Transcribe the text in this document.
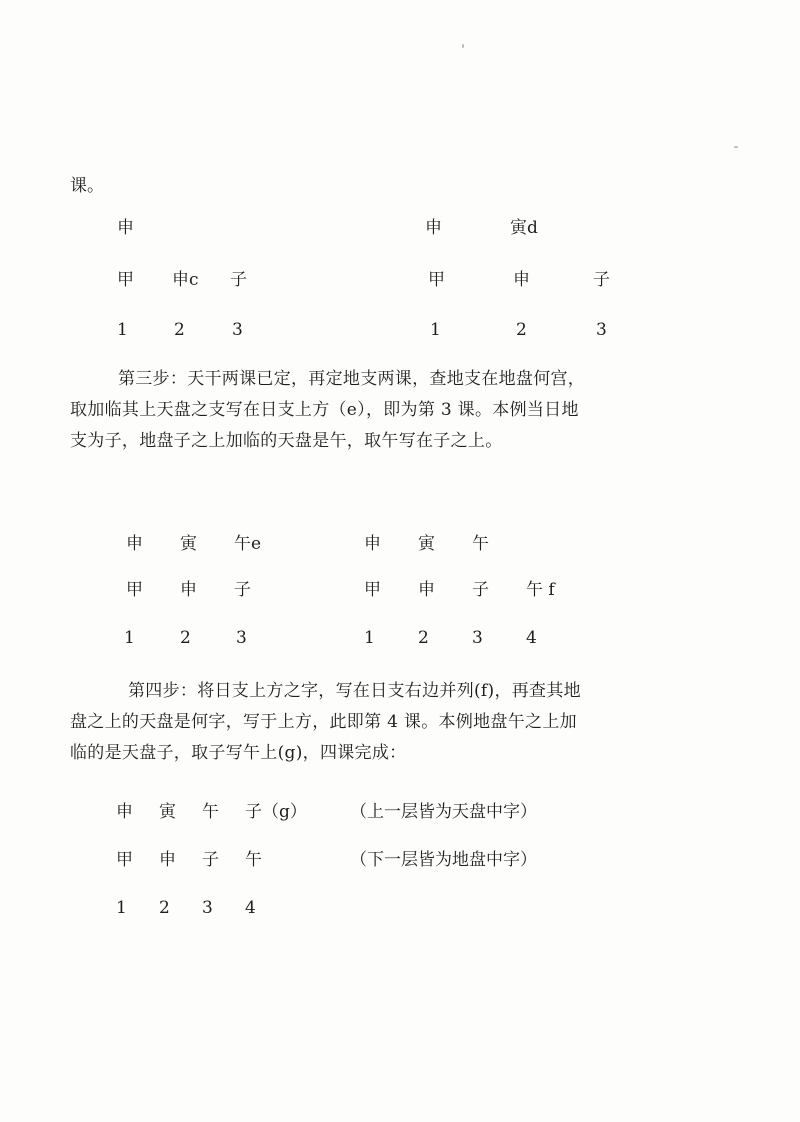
课。
申
甲 申c 子
1	2	3
申	寅d
甲	申	子
1	2	3
第三步：天干两课已定，再定地支两课，查地支在地盘何宫，
取加临其上天盘之支写在日支上方（e），即为第 3 课。本例当日地
支为子，地盘子之上加临的天盘是午，取午写在子之上。
申 寅 午e
甲 申 子
1	2	3
申 寅 午
甲 申 子 午 f
1	2	3	4
第四步：将日支上方之字，写在日支右边并列(f)，再查其地
盘之上的天盘是何字，写于上方，此即第 4 课。本例地盘午之上加
临的是天盘子，取子写午上(g)，四课完成：
申 寅 午 子（g）	（上一层皆为天盘中字）
甲 申 子 午	（下一层皆为地盘中字）
1 2 3 4
